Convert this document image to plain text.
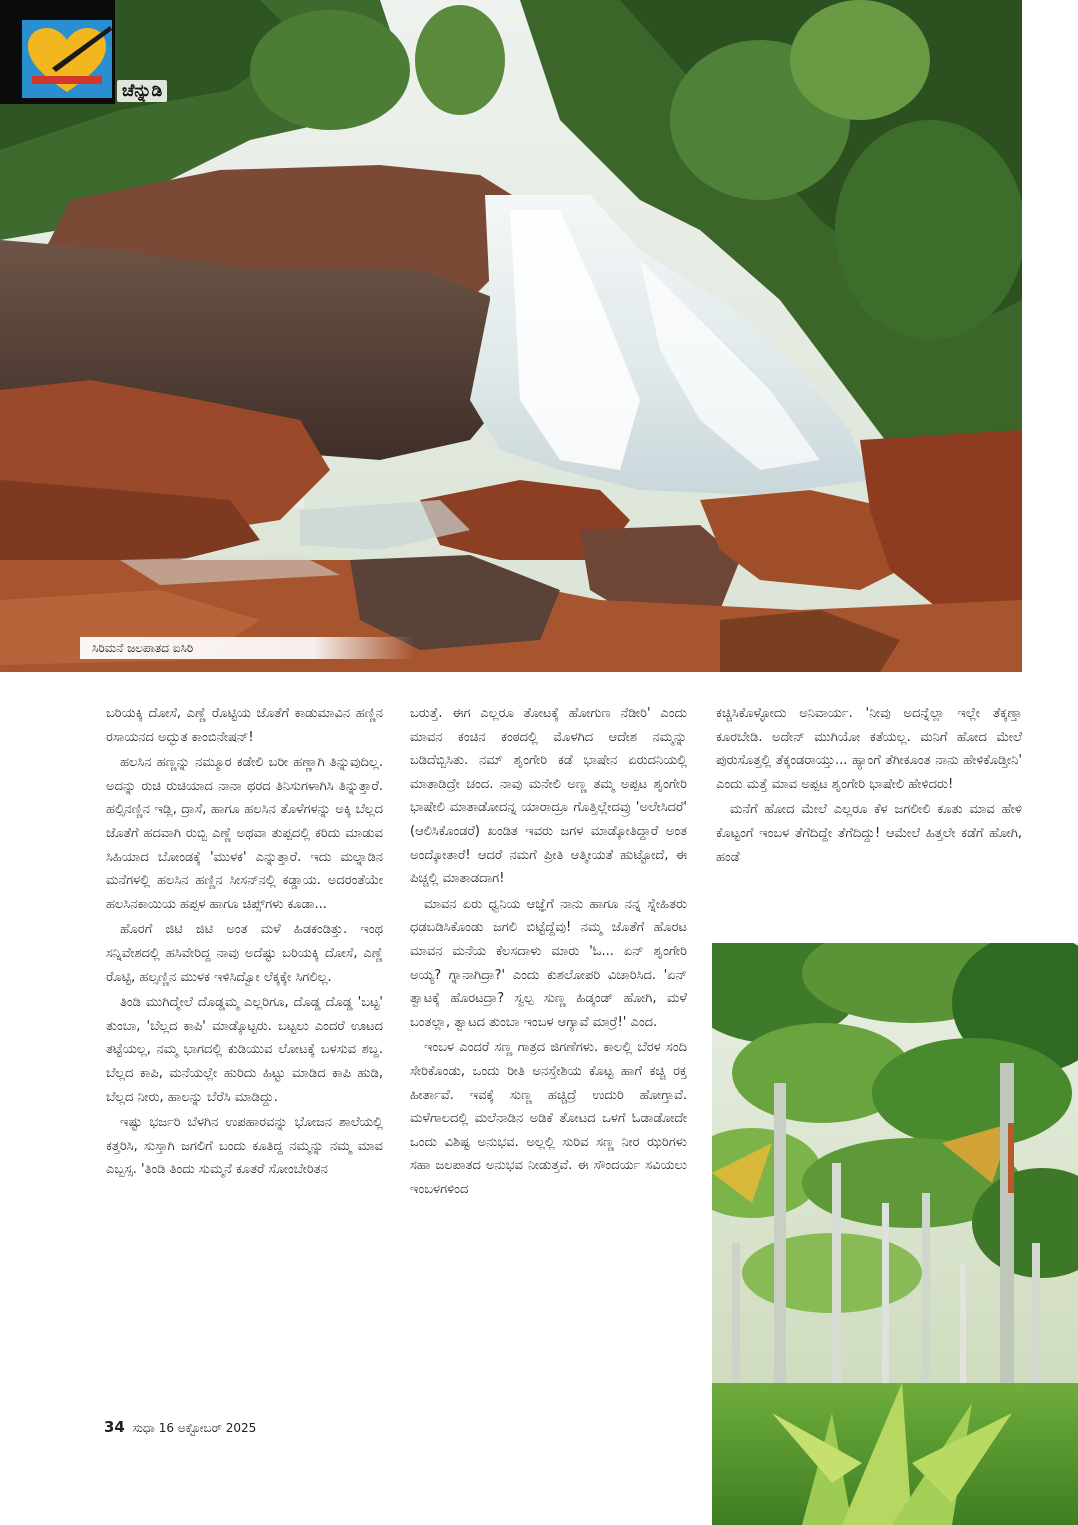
ಚೆನ್ನುಡಿ
ಸಿರಿಮನೆ ಜಲಪಾತದ ಐಸಿರಿ

ಬರಿಯಕ್ಕಿ ದೋಸೆ, ಎಣ್ಣೆ ರೊಟ್ಟಿಯ ಜೊತೆಗೆ ಕಾಡುಮಾವಿನ ಹಣ್ಣಿನ ರಸಾಯನದ ಅದ್ಭುತ ಕಾಂಬಿನೇಷನ್!

ಹಲಸಿನ ಹಣ್ಣನ್ನು ನಮ್ಮೂರ ಕಡೇಲಿ ಬರೀ ಹಣ್ಣಾಗಿ ತಿನ್ನುವುದಿಲ್ಲ. ಅದನ್ನು ರುಚಿ ರುಚಿಯಾದ ನಾನಾ ಥರದ ತಿನಿಸುಗಳಾಗಿಸಿ ತಿನ್ನುತ್ತಾರೆ. ಹಲ್ಸಿನಣ್ಣಿನ ಇಡ್ಲಿ, ದ್ರಾಸೆ, ಹಾಗೂ ಹಲಸಿನ ತೊಳೆಗಳನ್ನು ಅಕ್ಕಿ ಬೆಲ್ಲದ ಜೊತೆಗೆ ಹದವಾಗಿ ರುಬ್ಬಿ ಎಣ್ಣೆ ಅಥವಾ ತುಪ್ಪದಲ್ಲಿ ಕರಿದು ಮಾಡುವ ಸಿಹಿಯಾದ ಬೋಂಡಕ್ಕೆ 'ಮುಳಕ' ಎನ್ನುತ್ತಾರೆ. ಇದು ಮಲ್ನಾಡಿನ ಮನೆಗಳಲ್ಲಿ ಹಲಸಿನ ಹಣ್ಣಿನ ಸೀಸನ್‌ನಲ್ಲಿ ಕಡ್ಡಾಯ. ಅದರಂತೆಯೇ ಹಲಸಿನಕಾಯಿಯ ಹಪ್ಪಳ ಹಾಗೂ ಚಿಪ್ಸ್‌ಗಳು ಕೂಡಾ...

ಹೊರಗೆ ಜಿಟಿ ಜಿಟಿ ಅಂತ ಮಳೆ ಹಿಡಕಂಡಿತ್ತು. ಇಂಥ ಸನ್ನಿವೇಶದಲ್ಲಿ ಹಸಿವೇರಿದ್ದ ನಾವು ಅದೆಷ್ಟು ಬರಿಯಕ್ಕಿ ದೋಸೆ, ಎಣ್ಣೆ ರೊಟ್ಟಿ, ಹಲ್ಸಣ್ಣಿನ ಮುಳಕ ಇಳಿಸಿದ್ವೋ ಲೆಕ್ಕಕ್ಕೇ ಸಿಗಲಿಲ್ಲ.

ತಿಂಡಿ ಮುಗಿದ್ಮೇಲೆ ದೊಡ್ಡಮ್ಮ ಎಲ್ಲರಿಗೂ, ದೊಡ್ಡ ದೊಡ್ಡ 'ಬಟ್ಟ' ತುಂಬಾ, 'ಬೆಲ್ಲದ ಕಾಪಿ' ಮಾಡ್ಕೊಟ್ಟರು. ಬಟ್ಟಲು ಎಂದರೆ ಊಟದ ತಟ್ಟೆಯಲ್ಲ, ನಮ್ಮ ಭಾಗದಲ್ಲಿ ಕುಡಿಯುವ ಲೋಟಕ್ಕೆ ಬಳಸುವ ಶಬ್ದ. ಬೆಲ್ಲದ ಕಾಪಿ, ಮನೆಯಲ್ಲೇ ಹುರಿದು ಹಿಟ್ಟು ಮಾಡಿದ ಕಾಪಿ ಹುಡಿ, ಬೆಲ್ಲದ ನೀರು, ಹಾಲನ್ನು ಬೆರೆಸಿ ಮಾಡಿದ್ದು.

ಇಷ್ಟು ಭರ್ಜರಿ ಬೆಳಗಿನ ಉಪಹಾರವನ್ನು ಭೋಜನ ಶಾಲೆಯಲ್ಲಿ ಕತ್ತರಿಸಿ, ಸುಸ್ತಾಗಿ ಜಗಲಿಗೆ ಬಂದು ಕೂತಿದ್ದ ನಮ್ಮನ್ನು ನಮ್ಮ ಮಾವ ಎಬ್ಬಸ್ಸ. 'ತಿಂಡಿ ತಿಂದು ಸುಮ್ಮನೆ ಕೂತರೆ ಸೋಂಬೇರಿತನ

ಬರುತ್ತೆ. ಈಗ ಎಲ್ಲರೂ ತೋಟಕ್ಕೆ ಹೋಗುಣ ನೆಡೀರಿ' ಎಂದು ಮಾವನ ಕಂಚಿನ ಕಂಠದಲ್ಲಿ ಮೊಳಗಿದ ಆದೇಶ ನಮ್ಮನ್ನು ಬಡಿದೆಬ್ಬಿಸಿತು. ನಮ್ ಶೃಂಗೇರಿ ಕಡೆ ಭಾಷೇನ ಏರುದನಿಯಲ್ಲಿ ಮಾತಾಡಿದ್ರೇ ಚಂದ. ನಾವು ಮನೇಲಿ ಅಣ್ಣ ತಮ್ಮ ಅಪ್ಪಟ ಶೃಂಗೇರಿ ಭಾಷೇಲಿ ಮಾತಾಡೋದನ್ನ ಯಾರಾದ್ರೂ ಗೊತ್ತಿಲ್ಲೇದವ್ರು 'ಅಲೇಸಿದರೆ' (ಆಲಿಸಿಕೊಂಡರೆ) ಖಂಡಿತ ಇವರು ಜಗಳ ಮಾಡ್ಕೋತಿದ್ದಾರೆ ಅಂತ ಅಂದ್ಕೋತಾರೆ! ಆದರೆ ನಮಗೆ ಪ್ರೀತಿ ಆತ್ಮೀಯತೆ ಹುಟ್ಟೋದೆ, ಈ ಪಿಚ್ಚಲ್ಲಿ ಮಾತಾಡದಾಗ!

ಮಾವನ ಏರು ಧ್ವನಿಯ ಆಜ್ಞೆಗೆ ನಾನು ಹಾಗೂ ನನ್ನ ಸ್ನೇಹಿತರು ಧಡಬಡಿಸಿಕೊಂಡು ಜಗಲಿ ಬಿಟ್ಟೆದ್ದೆವು! ನಮ್ಮ ಜೊತೆಗೆ ಹೊರಟ ಮಾವನ ಮನೆಯ ಕೆಲಸದಾಳು ಮಾರು 'ಓ... ಏನ್ ಶೃಂಗೇರಿ ಅಯ್ಯ? ಗ್ನಾನಾಗಿದ್ರಾ?' ಎಂದು ಕುಶಲೋಪರಿ ವಿಚಾರಿಸಿದ. 'ಏನ್ ತ್ವಾಟಕ್ಕೆ ಹೊರಟದ್ರಾ? ಸ್ವಲ್ಪ ಸುಣ್ಣ ಹಿಡ್ಕಂಡ್ ಹೋಗಿ, ಮಳೆ ಬಂತಲ್ಲಾ, ತ್ವಾಟದ ತುಂಬಾ ಇಂಬಳ ಆಗ್ಯಾವೆ ಮಾರ್ರೆ!' ಎಂದ.

ಇಂಬಳ ಎಂದರೆ ಸಣ್ಣ ಗಾತ್ರದ ಜಿಗಣೆಗಳು. ಕಾಲಲ್ಲಿ ಬೆರಳ ಸಂದಿ ಸೇರಿಕೊಂಡು, ಒಂದು ರೀತಿ ಅನಸ್ತೇಶಿಯ ಕೊಟ್ಟ ಹಾಗೆ ಕಚ್ಚಿ ರಕ್ತ ಹೀರ್ತಾವೆ. ಇವಕ್ಕೆ ಸುಣ್ಣ ಹಚ್ಚಿದ್ರೆ ಉದುರಿ ಹೋಗ್ತಾವೆ. ಮಳೆಗಾಲದಲ್ಲಿ ಮಲೆನಾಡಿನ ಅಡಿಕೆ ತೋಟದ ಒಳಗೆ ಓಡಾಡೋದೇ ಒಂದು ವಿಶಿಷ್ಟ ಅನುಭವ. ಅಲ್ಲಲ್ಲಿ ಸುರಿವ ಸಣ್ಣ ನೀರ ಝರಿಗಳು ಸಹಾ ಜಲಪಾತದ ಅನುಭವ ನೀಡುತ್ತವೆ. ಈ ಸೌಂದರ್ಯ ಸವಿಯಲು ಇಂಬಳಗಳಿಂದ

ಕಚ್ಚಿಸಿಕೊಳ್ಳೋದು ಅನಿವಾರ್ಯ. 'ನೀವು ಅದನ್ನೆಲ್ಲಾ ಇಲ್ಲೇ ತೆಕ್ಕಣ್ತಾ ಕೂರಬೇಡಿ. ಅದೇನ್ ಮುಗಿಯೋ ಕತೆಯಲ್ಲ. ಮನಿಗೆ ಹೋದ ಮೇಲೆ ಪುರುಸೊತ್ತಲ್ಲಿ ತೆಕ್ಕಂಡರಾಯ್ತು... ಹ್ಯಾಂಗೆ ತೆಗೀಕೂಂತ ನಾನು ಹೇಳಿಕೊಡ್ತೀನಿ' ಎಂದು ಮತ್ತೆ ಮಾವ ಅಪ್ಪಟ ಶೃಂಗೇರಿ ಭಾಷೇಲಿ ಹೇಳಿದರು!

ಮನೆಗೆ ಹೋದ ಮೇಲೆ ಎಲ್ಲರೂ ಕೆಳ ಜಗಲೀಲಿ ಕೂತು ಮಾವ ಹೇಳಿ ಕೊಟ್ಟಂಗೆ ಇಂಬಳ ತೆಗೆದಿದ್ದೇ ತೆಗೆದಿದ್ದು! ಆಮೇಲೆ ಹಿತ್ತಲೇ ಕಡೆಗೆ ಹೋಗಿ, ಹಂಡೆ

34 ಸುಧಾ 16 ಅಕ್ಟೋಬರ್ 2025
